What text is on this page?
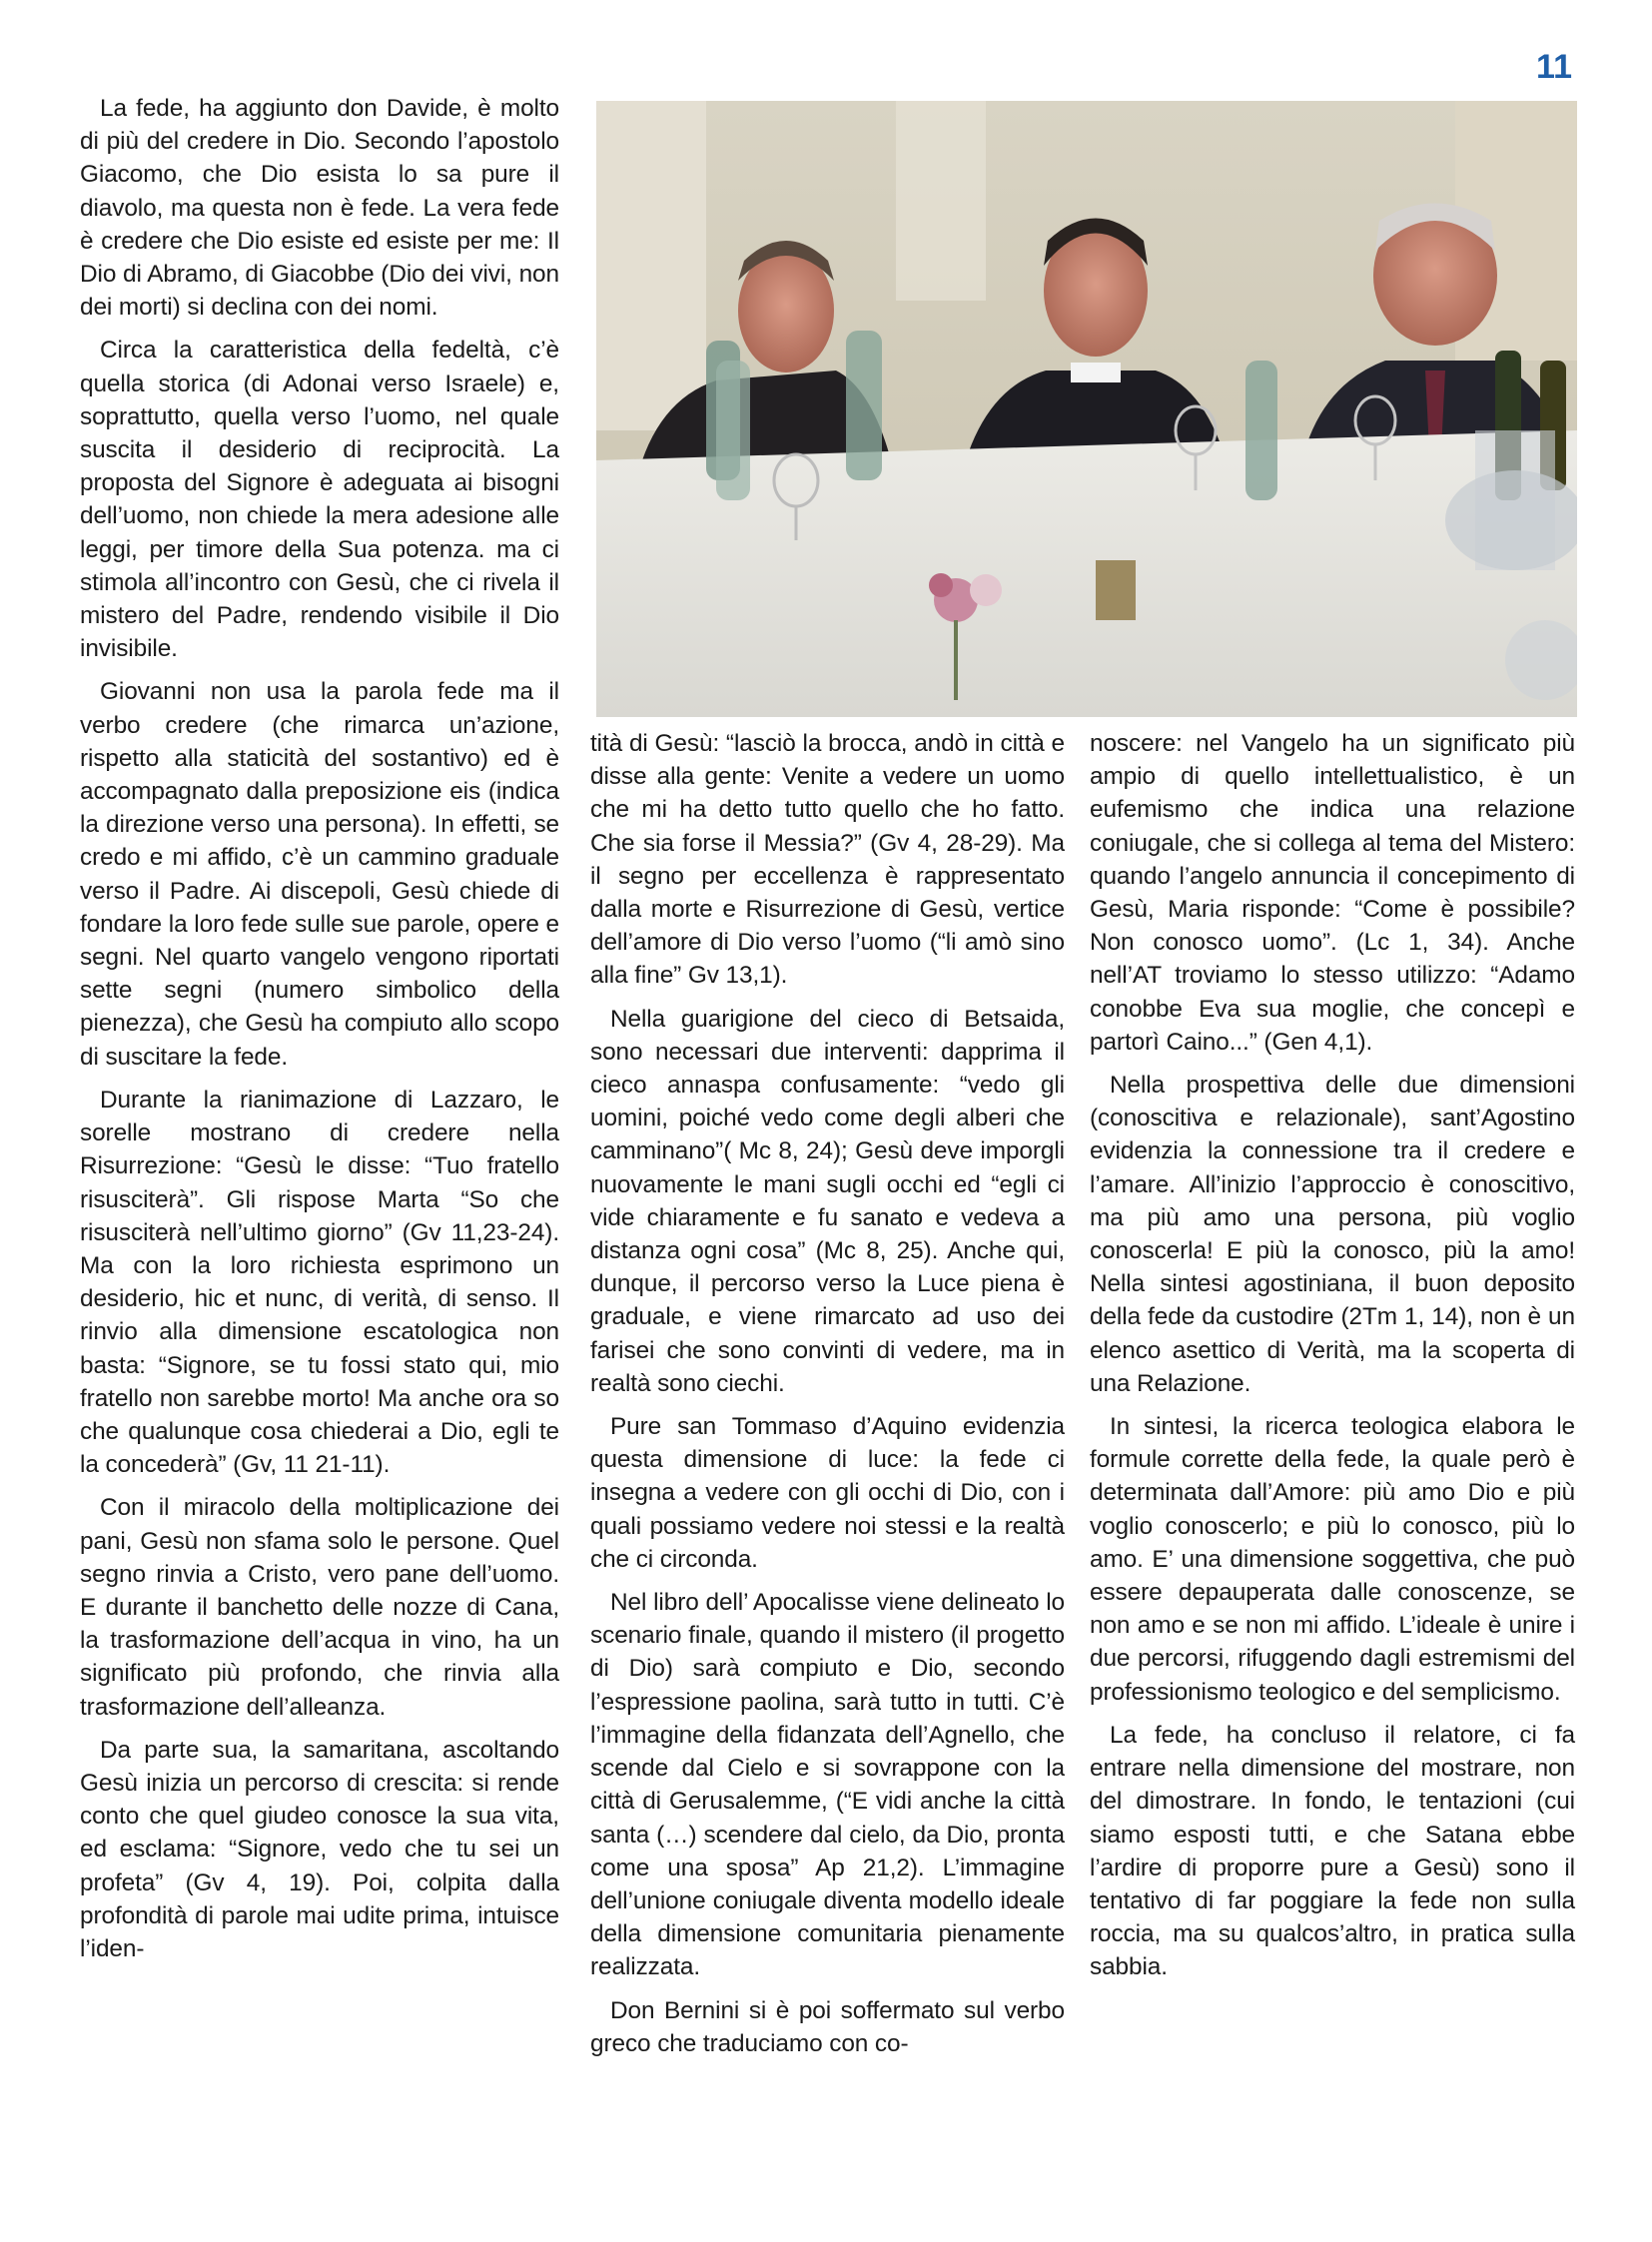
11

La fede, ha aggiunto don Davide, è molto di più del credere in Dio. Secondo l’apostolo Giacomo, che Dio esista lo sa pure il diavolo, ma questa non è fede. La vera fede è credere che Dio esiste ed esiste per me: Il Dio di Abramo, di Giacobbe (Dio dei vivi, non dei morti) si declina con dei nomi.

Circa la caratteristica della fedeltà, c’è quella storica (di Adonai verso Israele) e, soprattutto, quella verso l’uomo, nel quale suscita il desiderio di reciprocità. La proposta del Signore è adeguata ai bisogni dell’uomo, non chiede la mera adesione alle leggi, per timore della Sua potenza. ma ci stimola all’incontro con Gesù, che ci rivela il mistero del Padre, rendendo visibile il Dio invisibile.

Giovanni non usa la parola fede ma il verbo credere (che rimarca un’azione, rispetto alla staticità del sostantivo) ed è accompagnato dalla preposizione eis (indica la direzione verso una persona). In effetti, se credo e mi affido, c’è un cammino graduale verso il Padre. Ai discepoli, Gesù chiede di fondare la loro fede sulle sue parole, opere e segni. Nel quarto vangelo vengono riportati sette segni (numero simbolico della pienezza), che Gesù ha compiuto allo scopo di suscitare la fede.

Durante la rianimazione di Lazzaro, le sorelle mostrano di credere nella Risurrezione: “Gesù le disse: “Tuo fratello risusciterà”. Gli rispose Marta “So che risusciterà nell’ultimo giorno” (Gv 11,23-24). Ma con la loro richiesta esprimono un desiderio, hic et nunc, di verità, di senso. Il rinvio alla dimensione escatologica non basta: “Signore, se tu fossi stato qui, mio fratello non sarebbe morto! Ma anche ora so che qualunque cosa chiederai a Dio, egli te la concederà” (Gv, 11 21-11).

Con il miracolo della moltiplicazione dei pani, Gesù non sfama solo le persone. Quel segno rinvia a Cristo, vero pane dell’uomo. E durante il banchetto delle nozze di Cana, la trasformazione dell’acqua in vino, ha un significato più profondo, che rinvia alla trasformazione dell’alleanza.

Da parte sua, la samaritana, ascoltando Gesù inizia un percorso di crescita: si rende conto che quel giudeo conosce la sua vita, ed esclama: “Signore, vedo che tu sei un profeta” (Gv 4, 19). Poi, colpita dalla profondità di parole mai udite prima, intuisce l’iden-

tità di Gesù: “lasciò la brocca, andò in città e disse alla gente: Venite a vedere un uomo che mi ha detto tutto quello che ho fatto. Che sia forse il Messia?” (Gv 4, 28-29). Ma il segno per eccellenza è rappresentato dalla morte e Risurrezione di Gesù, vertice dell’amore di Dio verso l’uomo (“li amò sino alla fine” Gv 13,1).

Nella guarigione del cieco di Betsaida, sono necessari due interventi: dapprima il cieco annaspa confusamente: “vedo gli uomini, poiché vedo come degli alberi che camminano”( Mc 8, 24); Gesù deve imporgli nuovamente le mani sugli occhi ed “egli ci vide chiaramente e fu sanato e vedeva a distanza ogni cosa” (Mc 8, 25). Anche qui, dunque, il percorso verso la Luce piena è graduale, e viene rimarcato ad uso dei farisei che sono convinti di vedere, ma in realtà sono ciechi.

Pure san Tommaso d’Aquino evidenzia questa dimensione di luce: la fede ci insegna a vedere con gli occhi di Dio, con i quali possiamo vedere noi stessi e la realtà che ci circonda.

Nel libro dell’ Apocalisse viene delineato lo scenario finale, quando il mistero (il progetto di Dio) sarà compiuto e Dio, secondo l’espressione paolina, sarà tutto in tutti. C’è l’immagine della fidanzata dell’Agnello, che scende dal Cielo e si sovrappone con la città di Gerusalemme, (“E vidi anche la città santa (…) scendere dal cielo, da Dio, pronta come una sposa” Ap 21,2). L’immagine dell’unione coniugale diventa modello ideale della dimensione comunitaria pienamente realizzata.

Don Bernini si è poi soffermato sul verbo greco che traduciamo con co-

noscere: nel Vangelo ha un significato più ampio di quello intellettualistico, è un eufemismo che indica una relazione coniugale, che si collega al tema del Mistero: quando l’angelo annuncia il concepimento di Gesù, Maria risponde: “Come è possibile? Non conosco uomo”. (Lc 1, 34). Anche nell’AT troviamo lo stesso utilizzo: “Adamo conobbe Eva sua moglie, che concepì e partorì Caino...” (Gen 4,1).

Nella prospettiva delle due dimensioni (conoscitiva e relazionale), sant’Agostino evidenzia la connessione tra il credere e l’amare. All’inizio l’approccio è conoscitivo, ma più amo una persona, più voglio conoscerla! E più la conosco, più la amo! Nella sintesi agostiniana, il buon deposito della fede da custodire (2Tm 1, 14), non è un elenco asettico di Verità, ma la scoperta di una Relazione.

In sintesi, la ricerca teologica elabora le formule corrette della fede, la quale però è determinata dall’Amore: più amo Dio e più voglio conoscerlo; e più lo conosco, più lo amo. E’ una dimensione soggettiva, che può essere depauperata dalle conoscenze, se non amo e se non mi affido. L’ideale è unire i due percorsi, rifuggendo dagli estremismi del professionismo teologico e del semplicismo.

La fede, ha concluso il relatore, ci fa entrare nella dimensione del mostrare, non del dimostrare. In fondo, le tentazioni (cui siamo esposti tutti, e che Satana ebbe l’ardire di proporre pure a Gesù) sono il tentativo di far poggiare la fede non sulla roccia, ma su qualcos’altro, in pratica sulla sabbia.
